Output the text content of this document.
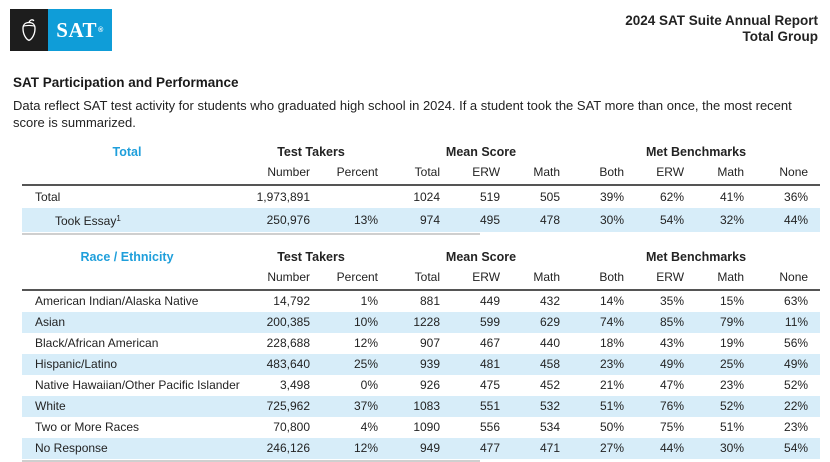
SAT ®
2024 SAT Suite Annual Report
Total Group
SAT Participation and Performance

Data reflect SAT test activity for students who graduated high school in 2024. If a student took the SAT more than once, the most recent score is summarized.

Total	Test Takers		Mean Score			Met Benchmarks			
	Number	Percent	Total	ERW	Math	Both	ERW	Math	None
Total	1,973,891		1024	519	505	39%	62%	41%	36%
Took Essay$^1$	250,976	13%	974	495	478	30%	54%	32%	44%
Race / Ethnicity	Test Takers		Mean Score			Met Benchmarks			
	Number	Percent	Total	ERW	Math	Both	ERW	Math	None
American Indian/Alaska Native	14,792	1%	881	449	432	14%	35%	15%	63%
Asian	200,385	10%	1228	599	629	74%	85%	79%	11%
Black/African American	228,688	12%	907	467	440	18%	43%	19%	56%
Hispanic/Latino	483,640	25%	939	481	458	23%	49%	25%	49%
Native Hawaiian/Other Pacific Islander	3,498	0%	926	475	452	21%	47%	23%	52%
White	725,962	37%	1083	551	532	51%	76%	52%	22%
Two or More Races	70,800	4%	1090	556	534	50%	75%	51%	23%
No Response	246,126	12%	949	477	471	27%	44%	30%	54%
